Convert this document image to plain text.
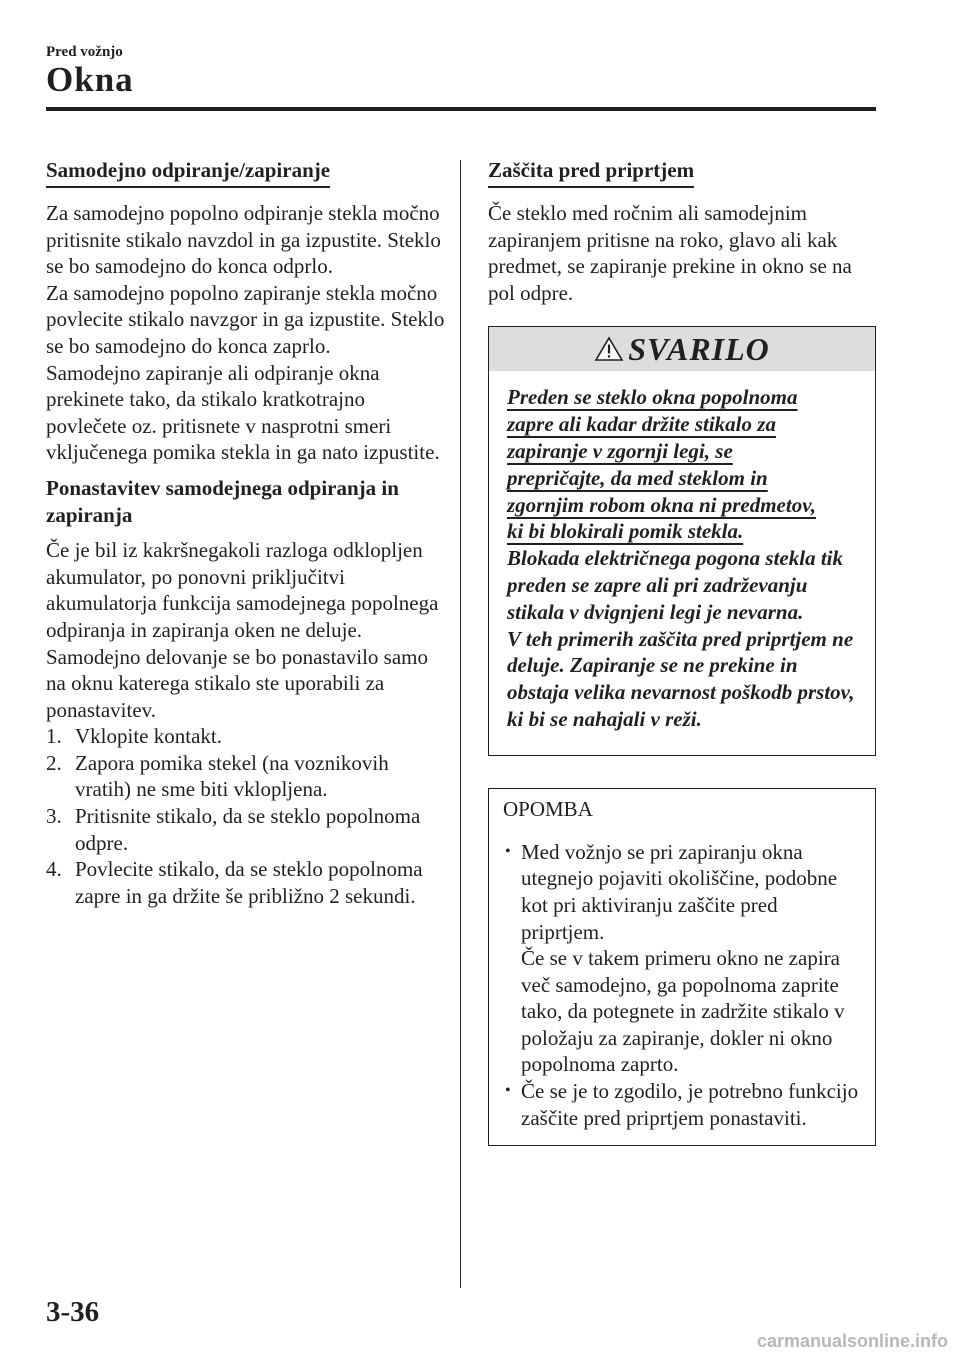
Pred vožnjo
Okna
Samodejno odpiranje/zapiranje

Za samodejno popolno odpiranje stekla močno pritisnite stikalo navzdol in ga izpustite. Steklo se bo samodejno do konca odprlo.

Za samodejno popolno zapiranje stekla močno povlecite stikalo navzgor in ga izpustite. Steklo se bo samodejno do konca zaprlo.

Samodejno zapiranje ali odpiranje okna prekinete tako, da stikalo kratkotrajno povlečete oz. pritisnete v nasprotni smeri vključenega pomika stekla in ga nato izpustite.

Ponastavitev samodejnega odpiranja in zapiranja

Če je bil iz kakršnegakoli razloga odklopljen akumulator, po ponovni priključitvi akumulatorja funkcija samodejnega popolnega odpiranja in zapiranja oken ne deluje.

Samodejno delovanje se bo ponastavilo samo na oknu katerega stikalo ste uporabili za ponastavitev.

1. Vklopite kontakt.
2. Zapora pomika stekel (na voznikovih vratih) ne sme biti vklopljena.
3. Pritisnite stikalo, da se steklo popolnoma odpre.
4. Povlecite stikalo, da se steklo popolnoma zapre in ga držite še približno 2 sekundi.
Zaščita pred priprtjem

Če steklo med ročnim ali samodejnim zapiranjem pritisne na roko, glavo ali kak predmet, se zapiranje prekine in okno se na pol odpre.

SVARILO
Preden se steklo okna popolnoma
zapre ali kadar držite stikalo za
zapiranje v zgornji legi, se
prepričajte, da med steklom in
zgornjim robom okna ni predmetov,
ki bi blokirali pomik stekla.
Blokada električnega pogona stekla tik preden se zapre ali pri zadrževanju stikala v dvignjeni legi je nevarna.
V teh primerih zaščita pred priprtjem ne deluje. Zapiranje se ne prekine in obstaja velika nevarnost poškodb prstov, ki bi se nahajali v reži.
OPOMBA
• Med vožnjo se pri zapiranju okna utegnejo pojaviti okoliščine, podobne kot pri aktiviranju zaščite pred priprtjem.
Če se v takem primeru okno ne zapira več samodejno, ga popolnoma zaprite tako, da potegnete in zadržite stikalo v položaju za zapiranje, dokler ni okno popolnoma zaprto.
• Če se je to zgodilo, je potrebno funkcijo zaščite pred priprtjem ponastaviti.
3-36
carmanualsonline.info
